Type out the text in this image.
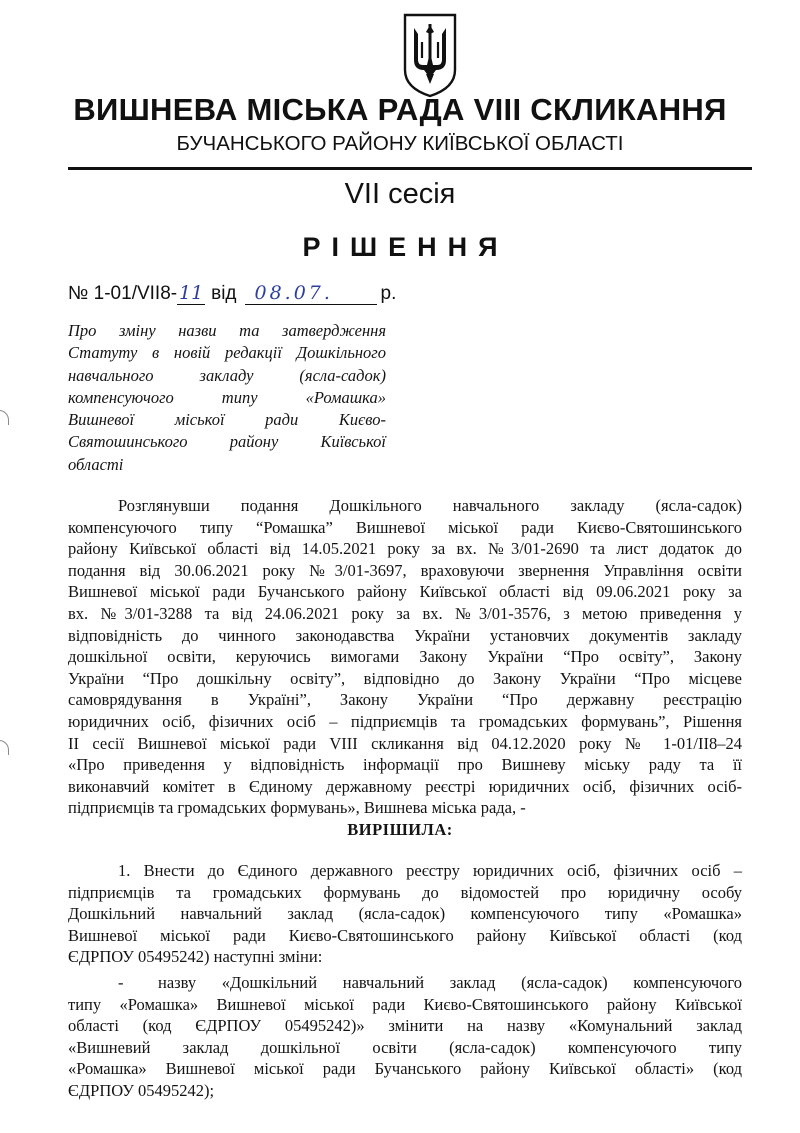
ВИШНЕВА МІСЬКА РАДА VIII СКЛИКАННЯ
БУЧАНСЬКОГО РАЙОНУ КИЇВСЬКОЇ ОБЛАСТІ
VII сесія
РІШЕННЯ
№ 1-01/VII8- 11 від 08.07.	р.
Про зміну назви та затвердження
Статуту в новій редакції Дошкільного
навчального закладу (ясла-садок)
компенсуючого типу «Ромашка»
Вишневої міської ради Києво-
Святошинського району Київської
області
Розглянувши подання Дошкільного навчального закладу (ясла-садок)
компенсуючого типу “Ромашка” Вишневої міської ради Києво-Святошинського
району Київської області від 14.05.2021 року за вх. №3/01-2690 та лист додаток до
подання від 30.06.2021 року №3/01-3697, враховуючи звернення Управління освіти
Вишневої міської ради Бучанського району Київської області від 09.06.2021 року за
вх. №3/01-3288 та від 24.06.2021 року за вх. №3/01-3576, з метою приведення у
відповідність до чинного законодавства України установчих документів закладу
дошкільної освіти, керуючись вимогами Закону України “Про освіту”, Закону
України “Про дошкільну освіту”, відповідно до Закону України “Про місцеве
самоврядування в Україні”, Закону України “Про державну реєстрацію
юридичних осіб, фізичних осіб – підприємців та громадських формувань”, Рішення
ІІ сесії Вишневої міської ради VIII скликання від 04.12.2020 року № 1-01/ІІ8–24
«Про приведення у відповідність інформації про Вишневу міську раду та її
виконавчий комітет в Єдиному державному реєстрі юридичних осіб, фізичних осіб-
підприємців та громадських формувань», Вишнева міська рада, -
ВИРІШИЛА:
1. Внести до Єдиного державного реєстру юридичних осіб, фізичних осіб –
підприємців та громадських формувань до відомостей про юридичну особу
Дошкільний навчальний заклад (ясла-садок) компенсуючого типу «Ромашка»
Вишневої міської ради Києво-Святошинського району Київської області (код
ЄДРПОУ 05495242) наступні зміни:
- назву «Дошкільний навчальний заклад (ясла-садок) компенсуючого
типу «Ромашка» Вишневої міської ради Києво-Святошинського району Київської
області (код ЄДРПОУ 05495242)» змінити на назву «Комунальний заклад
«Вишневий заклад дошкільної освіти (ясла-садок) компенсуючого типу
«Ромашка» Вишневої міської ради Бучанського району Київської області» (код
ЄДРПОУ 05495242);
